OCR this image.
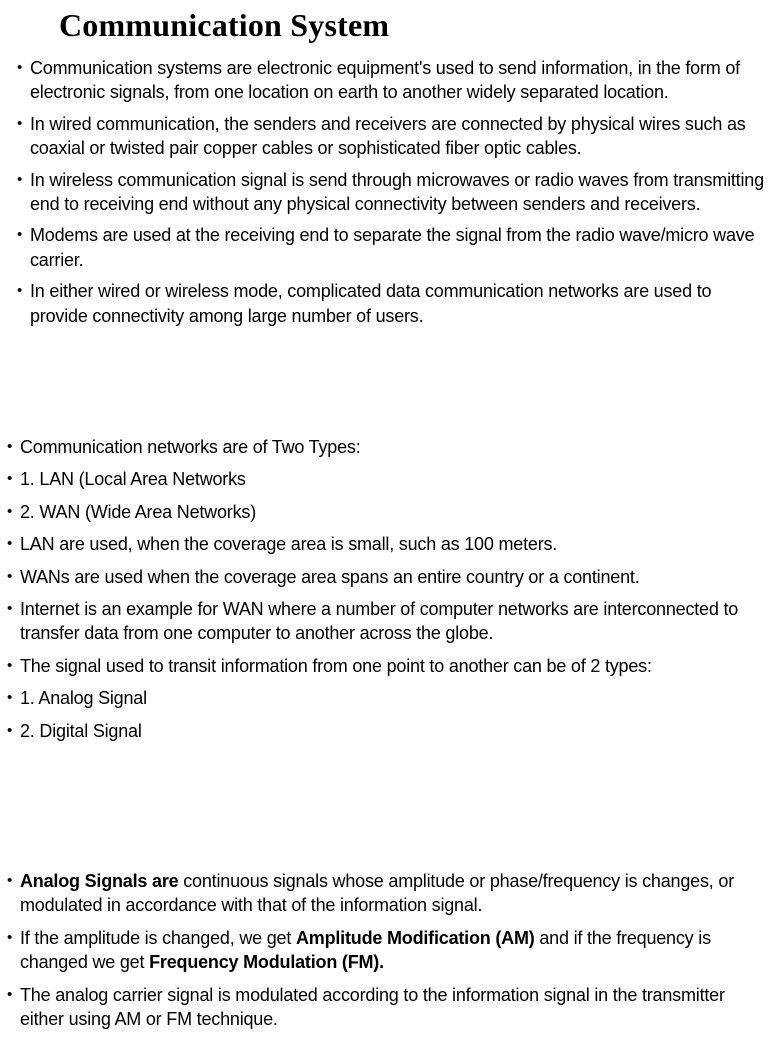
Communication System
• Communication systems are electronic equipment's used to send information, in the form of electronic signals, from one location on earth to another widely separated location.
• In wired communication, the senders and receivers are connected by physical wires such as coaxial or twisted pair copper cables or sophisticated fiber optic cables.
• In wireless communication signal is send through microwaves or radio waves from transmitting end to receiving end without any physical connectivity between senders and receivers.
• Modems are used at the receiving end to separate the signal from the radio wave/micro wave carrier.
• In either wired or wireless mode, complicated data communication networks are used to provide connectivity among large number of users.
• Communication networks are of Two Types:
• 1. LAN (Local Area Networks
• 2. WAN (Wide Area Networks)
• LAN are used, when the coverage area is small, such as 100 meters.
• WANs are used when the coverage area spans an entire country or a continent.
• Internet is an example for WAN where a number of computer networks are interconnected to transfer data from one computer to another across the globe.
• The signal used to transit information from one point to another can be of 2 types:
• 1. Analog Signal
• 2. Digital Signal
• Analog Signals are continuous signals whose amplitude or phase/frequency is changes, or modulated in accordance with that of the information signal.
• If the amplitude is changed, we get Amplitude Modification (AM) and if the frequency is changed we get Frequency Modulation (FM).
• The analog carrier signal is modulated according to the information signal in the transmitter either using AM or FM technique.
